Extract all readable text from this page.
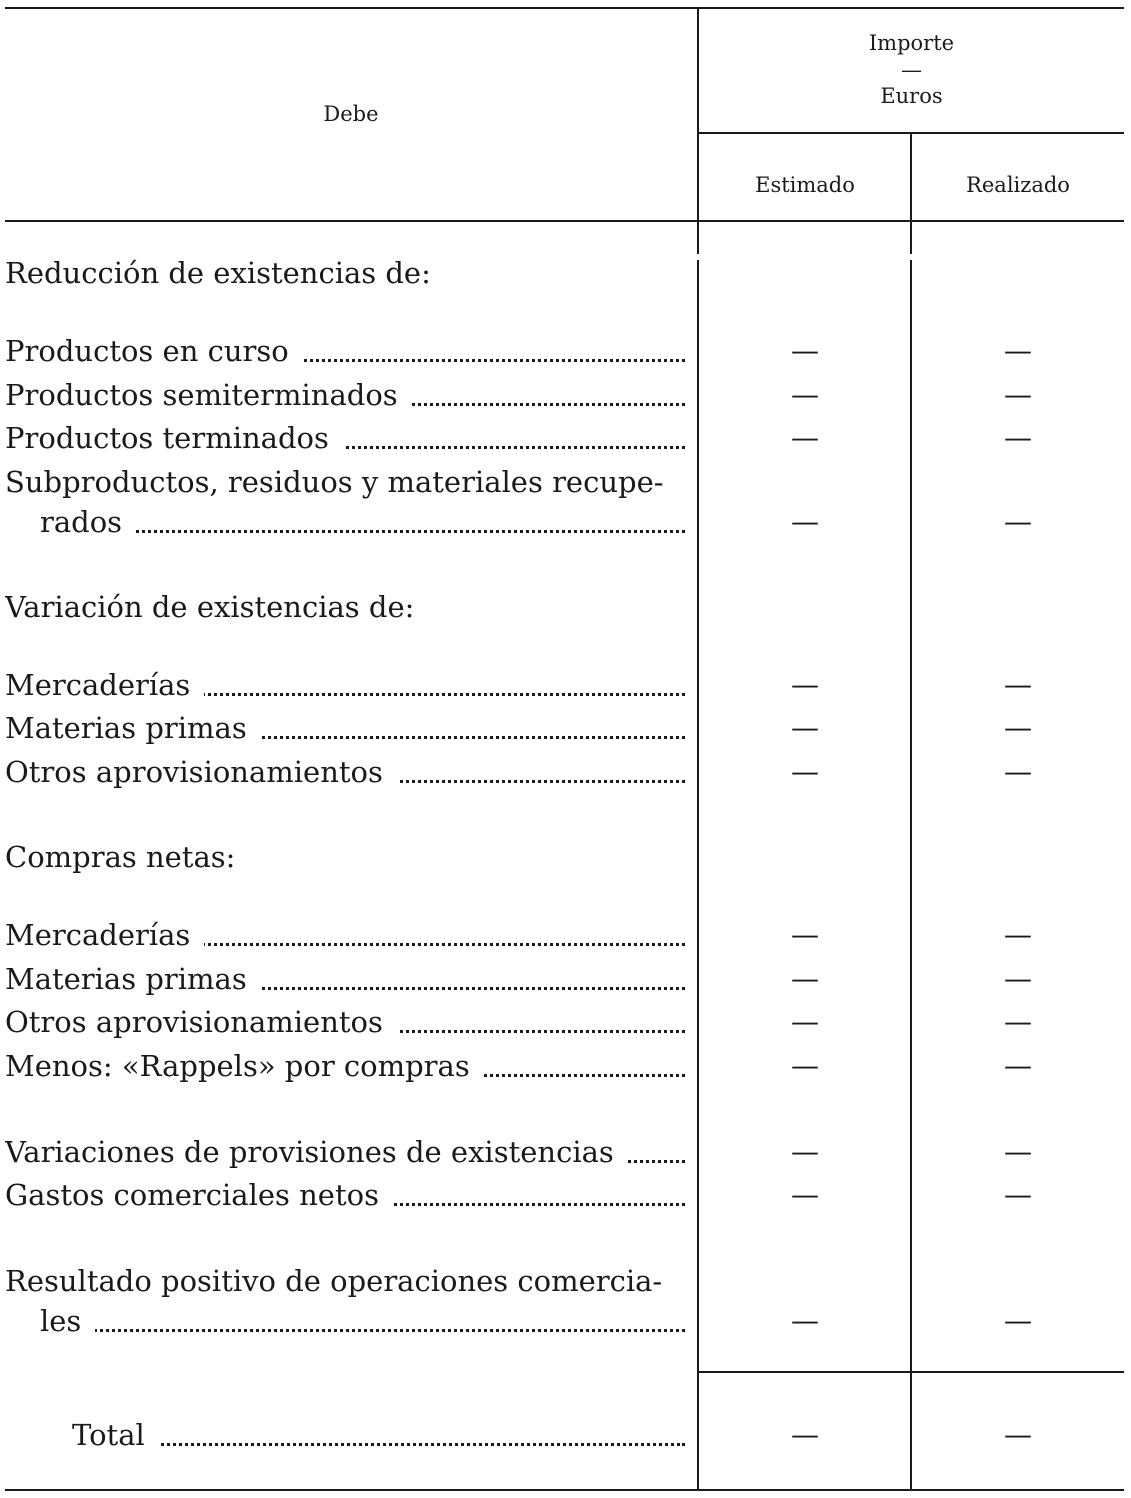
Debe
Importe
—
Euros
Estimado	Realizado
Reducción de existencias de:
Productos en curso	—	—
Productos semiterminados	—	—
Productos terminados	—	—
Subproductos, residuos y materiales recupe-
rados	—	—
Variación de existencias de:
Mercaderías	—	—
Materias primas	—	—
Otros aprovisionamientos	—	—
Compras netas:
Mercaderías	—	—
Materias primas	—	—
Otros aprovisionamientos	—	—
Menos: «Rappels» por compras	—	—
Variaciones de provisiones de existencias	—	—
Gastos comerciales netos	—	—
Resultado positivo de operaciones comercia-
les	—	—
Total	—	—
